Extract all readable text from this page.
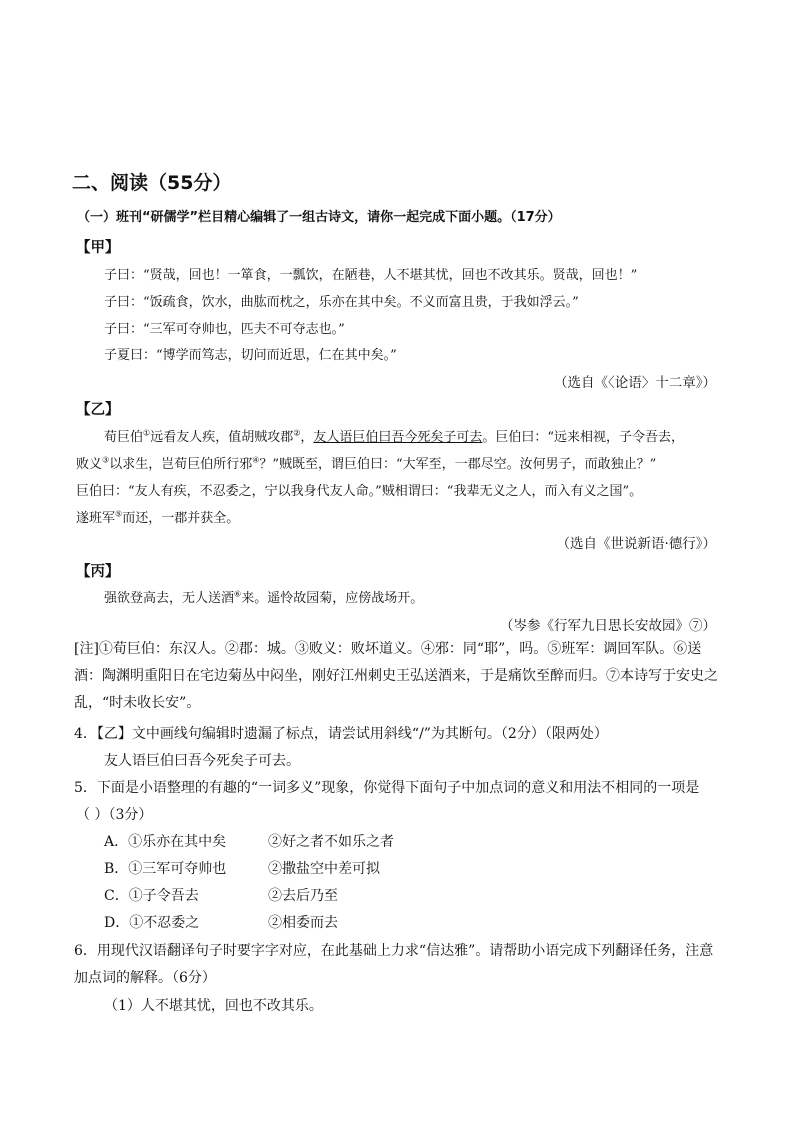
二、阅读（55分）
（一）班刊“研儒学”栏目精心编辑了一组古诗文，请你一起完成下面小题。（17分）
【甲】
子曰：“贤哉，回也！一箪食，一瓢饮，在陋巷，人不堪其忧，回也不改其乐。贤哉，回也！”
子曰：“饭疏食，饮水，曲肱而枕之，乐亦在其中矣。不义而富且贵，于我如浮云。”
子曰：“三军可夺帅也，匹夫不可夺志也。”
子夏曰：“博学而笃志，切问而近思，仁在其中矣。”
（选自《〈论语〉十二章》）
【乙】
荀巨伯①远看友人疾，值胡贼攻郡②，友人语巨伯曰吾今死矣子可去。巨伯曰：“远来相视，子令吾去，
败义③以求生，岂荀巨伯所行邪④？”贼既至，谓巨伯曰：“大军至，一郡尽空。汝何男子，而敢独止？”
巨伯曰：“友人有疾，不忍委之，宁以我身代友人命。”贼相谓曰：“我辈无义之人，而入有义之国”。
遂班军⑤而还，一郡并获全。
（选自《世说新语·德行》）
【丙】
强欲登高去，无人送酒⑥来。遥怜故园菊，应傍战场开。
（岑参《行军九日思长安故园》⑦）
[注]①荀巨伯：东汉人。②郡：城。③败义：败坏道义。④邪：同“耶”，吗。⑤班军：调回军队。⑥送酒：陶渊明重阳日在宅边菊丛中闷坐，刚好江州刺史王弘送酒来，于是痛饮至醉而归。⑦本诗写于安史之乱，“时未收长安”。
4．【乙】文中画线句编辑时遗漏了标点，请尝试用斜线“/”为其断句。（2分）（限两处）
友人语巨伯曰吾今死矣子可去。
5．下面是小语整理的有趣的“一词多义”现象，你觉得下面句子中加点词的意义和用法不相同的一项是
（ ）（3分）
A．①乐亦在其中矣	②好之者不如乐之者
B．①三军可夺帅也	②撒盐空中差可拟
C．①子令吾去	②去后乃至
D．①不忍委之	②相委而去
6．用现代汉语翻译句子时要字字对应，在此基础上力求“信达雅”。请帮助小语完成下列翻译任务，注意
加点词的解释。（6分）
（1）人不堪其忧，回也不改其乐。
